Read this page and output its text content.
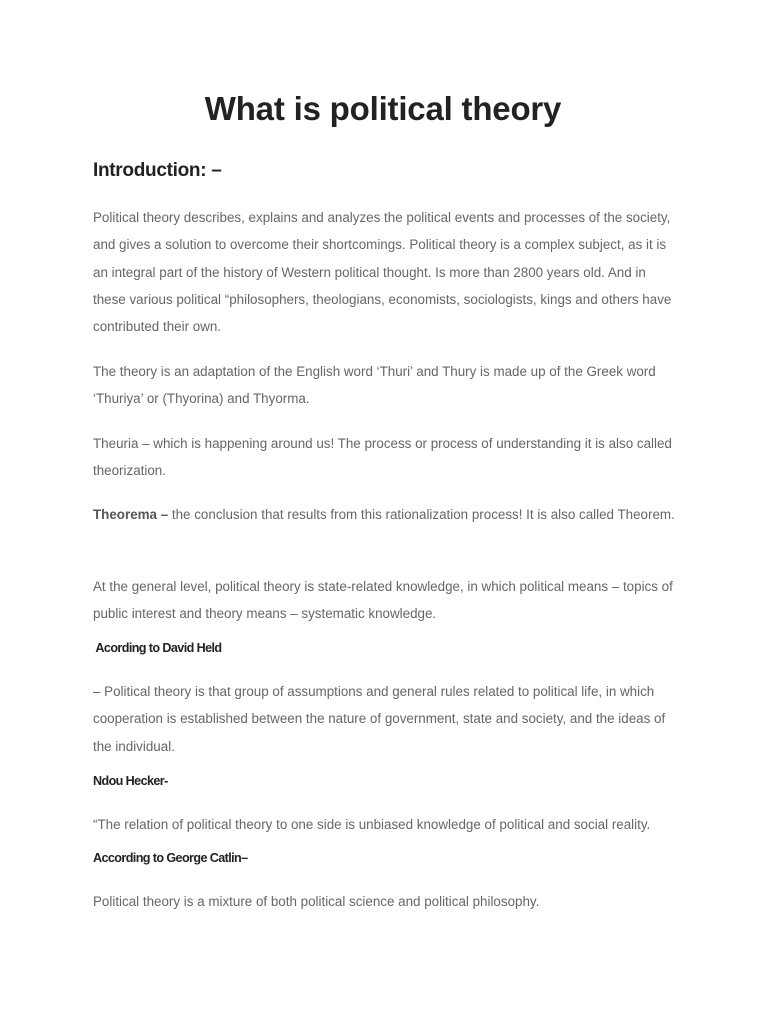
What is political theory
Introduction: –

Political theory describes, explains and analyzes the political events and processes of the society, and gives a solution to overcome their shortcomings. Political theory is a complex subject, as it is an integral part of the history of Western political thought. Is more than 2800 years old. And in these various political “philosophers, theologians, economists, sociologists, kings and others have contributed their own.

The theory is an adaptation of the English word ‘Thuri’ and Thury is made up of the Greek word ‘Thuriya’ or (Thyorina) and Thyorma.

Theuria – which is happening around us! The process or process of understanding it is also called theorization.

Theorema – the conclusion that results from this rationalization process! It is also called Theorem.

At the general level, political theory is state-related knowledge, in which political means – topics of public interest and theory means – systematic knowledge.

Acording to David Held

– Political theory is that group of assumptions and general rules related to political life, in which cooperation is established between the nature of government, state and society, and the ideas of the individual.

Ndou Hecker-

“The relation of political theory to one side is unbiased knowledge of political and social reality.

According to George Catlin–

Political theory is a mixture of both political science and political philosophy.
